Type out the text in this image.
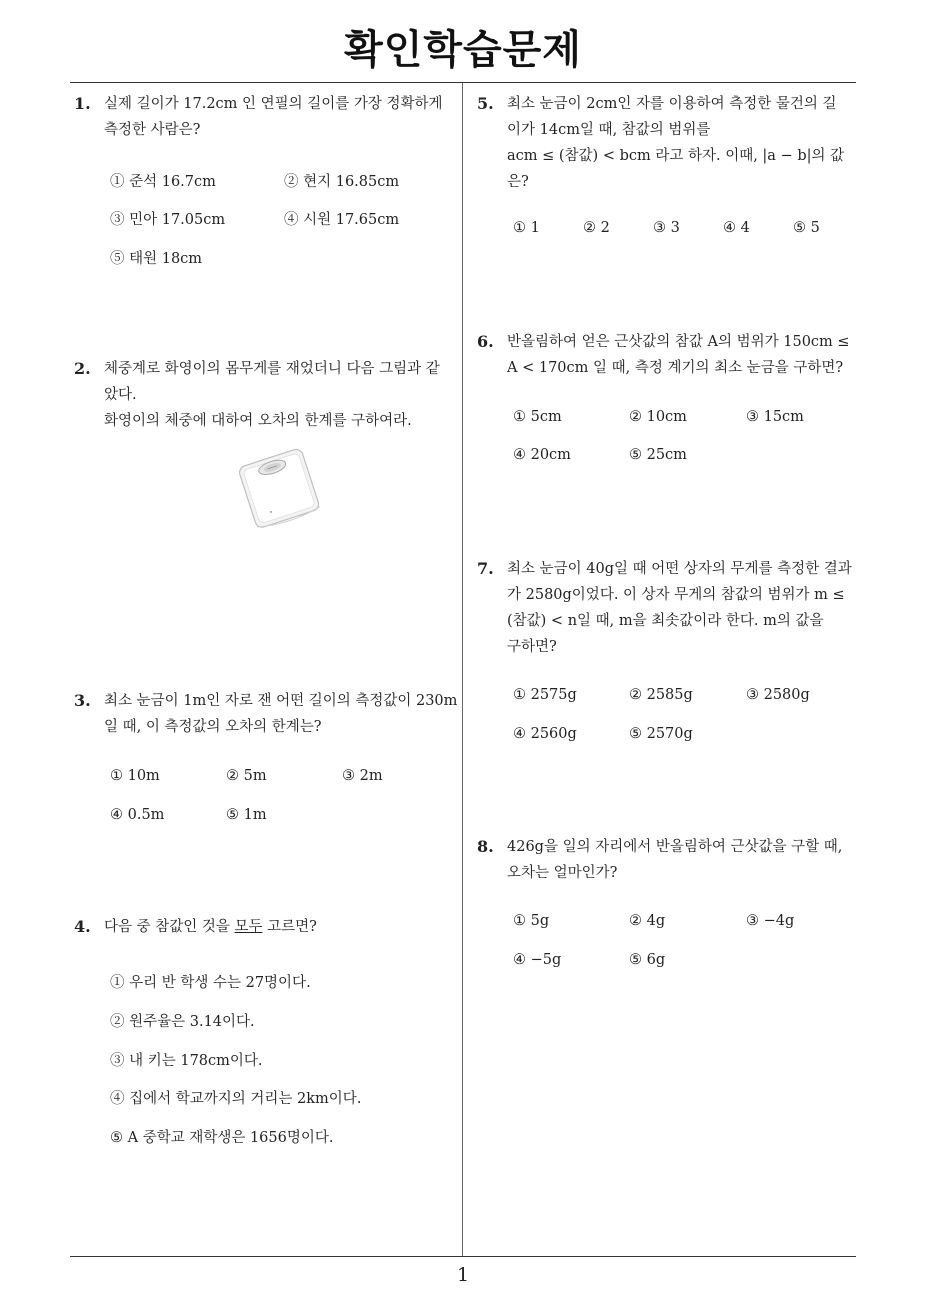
확인학습문제
1
1. 실제 길이가 17.2cm 인 연필의 길이를 가장 정확하게
측정한 사람은?
① 준석 16.7cm	② 현지 16.85cm
③ 민아 17.05cm	④ 시원 17.65cm
⑤ 태원 18cm
2. 체중계로 화영이의 몸무게를 재었더니 다음 그림과 같
았다.
화영이의 체중에 대하여 오차의 한계를 구하여라.
3. 최소 눈금이 1m인 자로 잰 어떤 길이의 측정값이 230m
일 때, 이 측정값의 오차의 한계는?
① 10m	② 5m	③ 2m
④ 0.5m	⑤ 1m
4. 다음 중 참값인 것을 모두 고르면?
① 우리 반 학생 수는 27명이다.
② 원주율은 3.14이다.
③ 내 키는 178cm이다.
④ 집에서 학교까지의 거리는 2km이다.
⑤ A 중학교 재학생은 1656명이다.
5. 최소 눈금이 2cm인 자를 이용하여 측정한 물건의 길
이가 14cm일 때, 참값의 범위를
acm ≤ (참값) < bcm 라고 하자. 이때, |a − b|의 값
은?
① 1	② 2	③ 3	④ 4	⑤ 5
6. 반올림하여 얻은 근삿값의 참값 A의 범위가 150cm ≤
A < 170cm 일 때, 측정 계기의 최소 눈금을 구하면?
① 5cm	② 10cm	③ 15cm
④ 20cm	⑤ 25cm
7. 최소 눈금이 40g일 때 어떤 상자의 무게를 측정한 결과
가 2580g이었다. 이 상자 무게의 참값의 범위가 m ≤
(참값) < n일 때, m을 최솟값이라 한다. m의 값을
구하면?
① 2575g	② 2585g	③ 2580g
④ 2560g	⑤ 2570g
8. 426g을 일의 자리에서 반올림하여 근삿값을 구할 때,
오차는 얼마인가?
① 5g	② 4g	③ −4g
④ −5g	⑤ 6g
